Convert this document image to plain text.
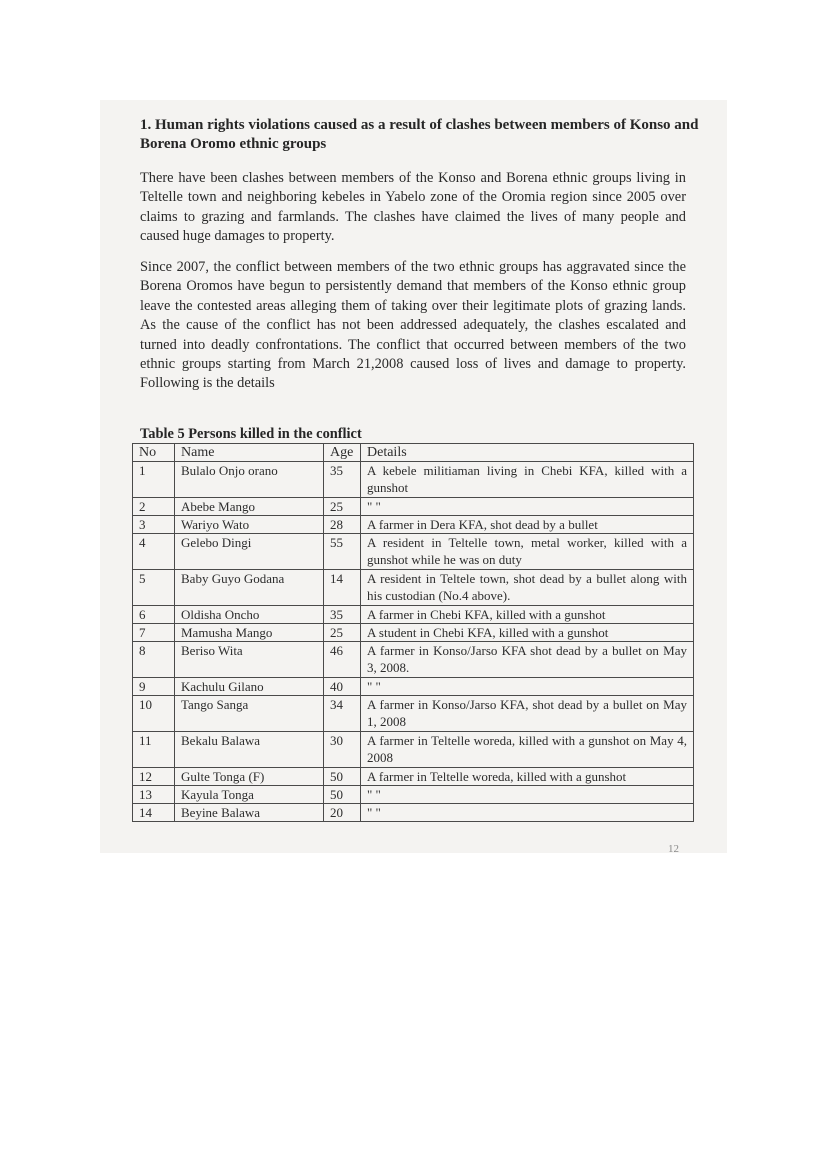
1. Human rights violations caused as a result of clashes between members of Konso and Borena Oromo ethnic groups
There have been clashes between members of the Konso and Borena ethnic groups living in Teltelle town and neighboring kebeles in Yabelo zone of the Oromia region since 2005 over claims to grazing and farmlands. The clashes have claimed the lives of many people and caused huge damages to property.
Since 2007, the conflict between members of the two ethnic groups has aggravated since the Borena Oromos have begun to persistently demand that members of the Konso ethnic group leave the contested areas alleging them of taking over their legitimate plots of grazing lands. As the cause of the conflict has not been addressed adequately, the clashes escalated and turned into deadly confrontations. The conflict that occurred between members of the two ethnic groups starting from March 21,2008 caused loss of lives and damage to property. Following is the details
Table 5 Persons killed in the conflict
No	Name	Age	Details
1	Bulalo Onjo orano	35	A kebele militiaman living in Chebi KFA, killed with a gunshot
2	Abebe Mango	25	" "
3	Wariyo Wato	28	A farmer in Dera KFA, shot dead by a bullet
4	Gelebo Dingi	55	A resident in Teltelle town, metal worker, killed with a gunshot while he was on duty
5	Baby Guyo Godana	14	A resident in Teltele town, shot dead by a bullet along with his custodian (No.4 above).
6	Oldisha Oncho	35	A farmer in Chebi KFA, killed with a gunshot
7	Mamusha Mango	25	A student in Chebi KFA, killed with a gunshot
8	Beriso Wita	46	A farmer in Konso/Jarso KFA shot dead by a bullet on May 3, 2008.
9	Kachulu Gilano	40	" "
10	Tango Sanga	34	A farmer in Konso/Jarso KFA, shot dead by a bullet on May 1, 2008
11	Bekalu Balawa	30	A farmer in Teltelle woreda, killed with a gunshot on May 4, 2008
12	Gulte Tonga (F)	50	A farmer in Teltelle woreda, killed with a gunshot
13	Kayula Tonga	50	" "
14	Beyine Balawa	20	" "
12
